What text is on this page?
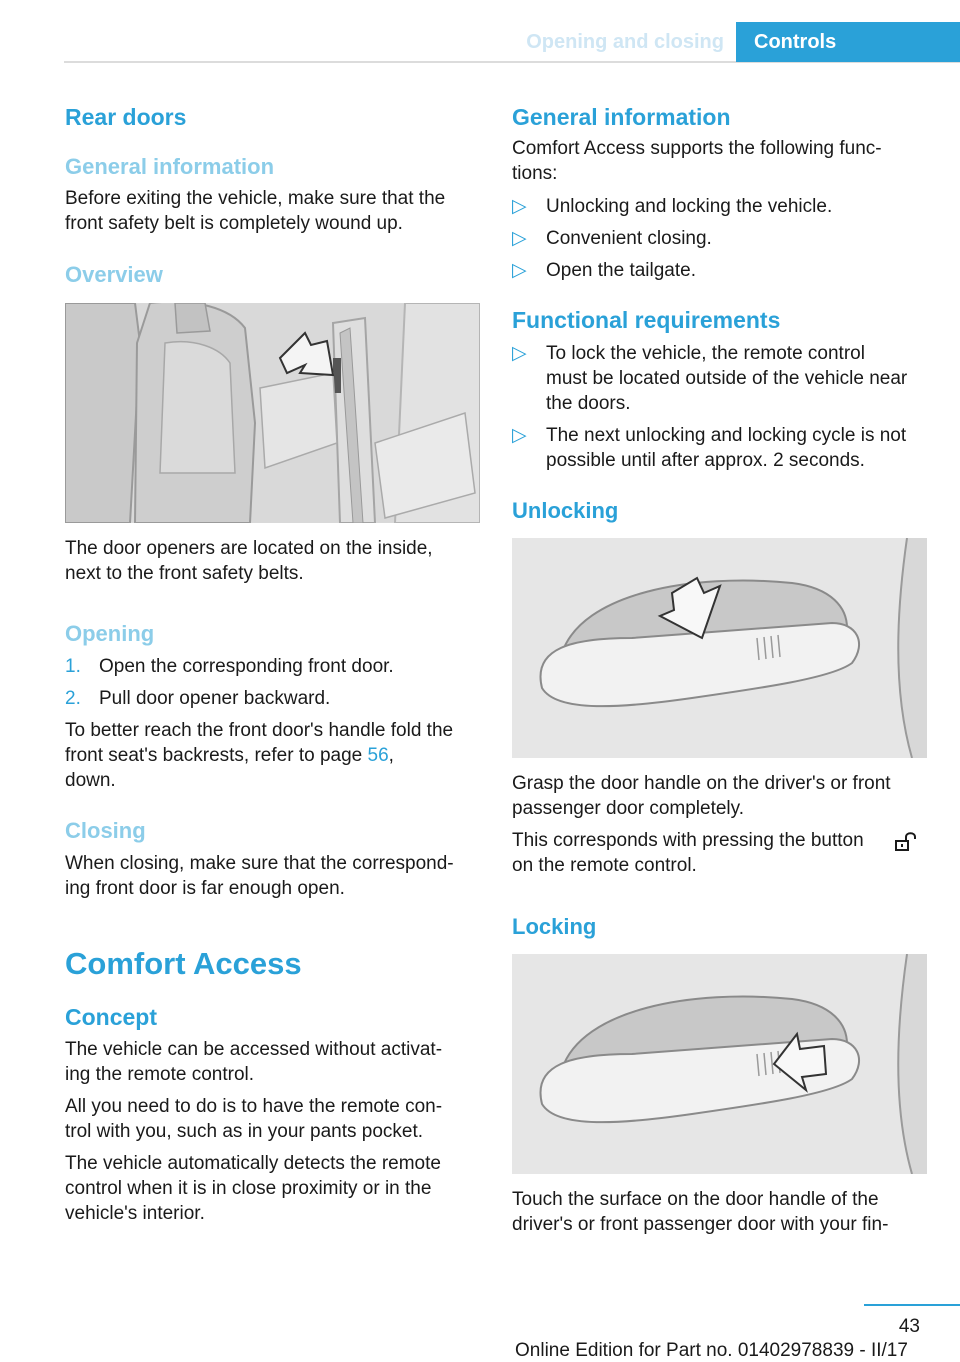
Opening and closing Controls
Rear doors
General information
Before exiting the vehicle, make sure that the
front safety belt is completely wound up.
Overview
The door openers are located on the inside,
next to the front safety belts.
Opening
1. Open the corresponding front door.
2. Pull door opener backward.
To better reach the front door's handle fold the
front seat's backrests, refer to page 56,
down.
Closing
When closing, make sure that the correspond‐
ing front door is far enough open.
Comfort Access
Concept
The vehicle can be accessed without activat‐
ing the remote control.
All you need to do is to have the remote con‐
trol with you, such as in your pants pocket.
The vehicle automatically detects the remote
control when it is in close proximity or in the
vehicle's interior.
General information
Comfort Access supports the following func‐
tions:
▷ Unlocking and locking the vehicle.
▷ Convenient closing.
▷ Open the tailgate.
Functional requirements
▷ To lock the vehicle, the remote control
must be located outside of the vehicle near
the doors.
▷ The next unlocking and locking cycle is not
possible until after approx. 2 seconds.
Unlocking
Grasp the door handle on the driver's or front
passenger door completely.
This corresponds with pressing the button
on the remote control.
Locking
Touch the surface on the door handle of the
driver's or front passenger door with your fin‐
43
Online Edition for Part no. 01402978839 - II/17
